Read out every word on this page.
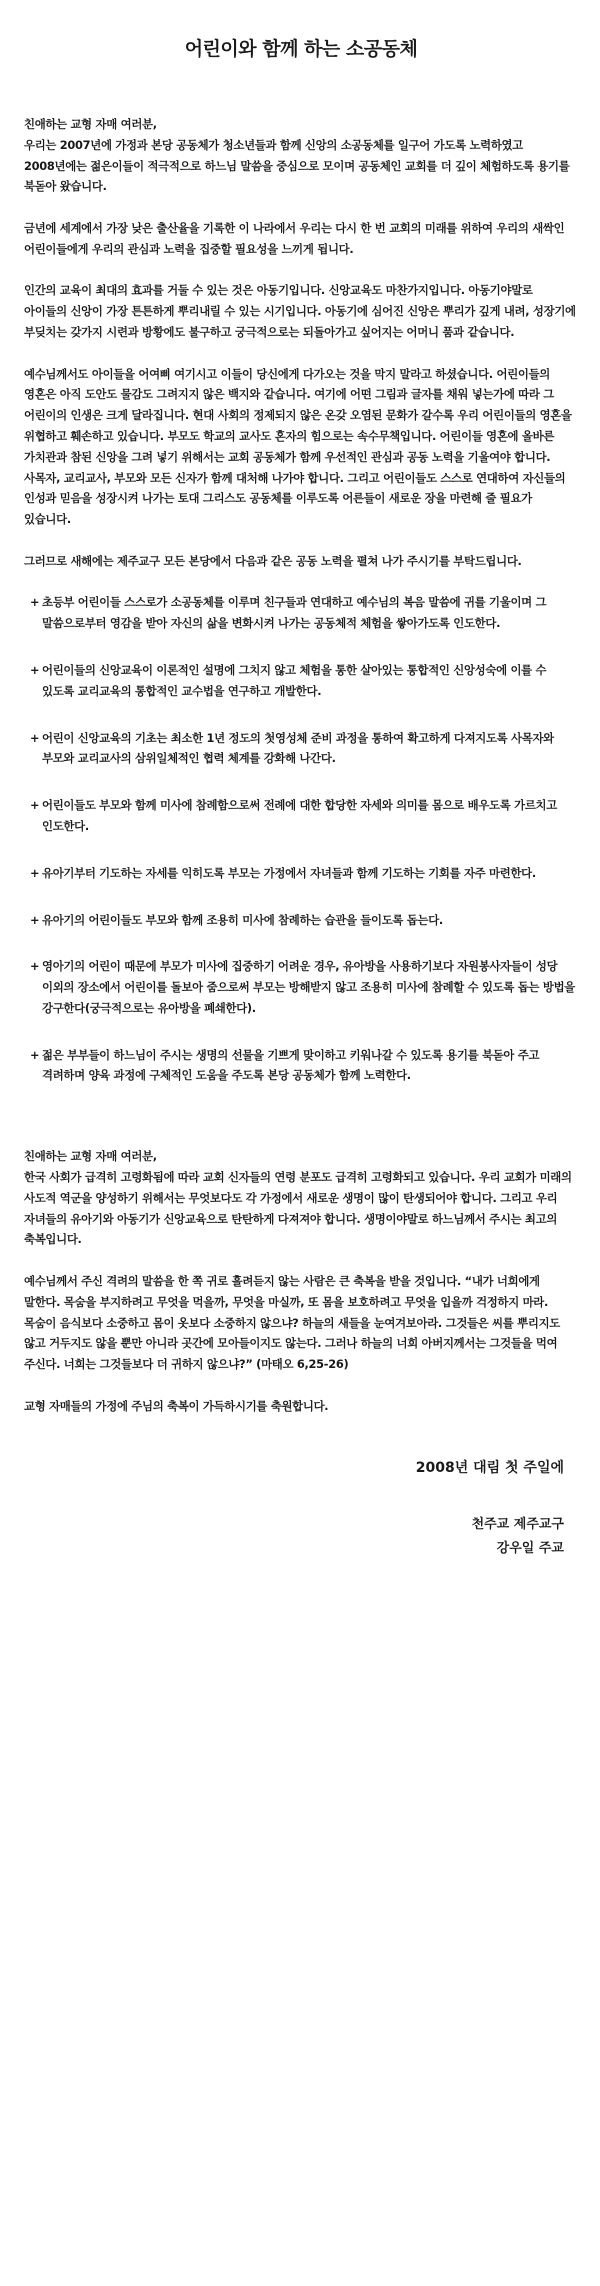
어린이와 함께 하는 소공동체

친애하는 교형 자매 여러분,

우리는 2007년에 가정과 본당 공동체가 청소년들과 함께 신앙의 소공동체를 일구어 가도록 노력하였고 2008년에는 젊은이들이 적극적으로 하느님 말씀을 중심으로 모이며 공동체인 교회를 더 깊이 체험하도록 용기를 북돋아 왔습니다.

금년에 세계에서 가장 낮은 출산율을 기록한 이 나라에서 우리는 다시 한 번 교회의 미래를 위하여 우리의 새싹인 어린이들에게 우리의 관심과 노력을 집중할 필요성을 느끼게 됩니다.

인간의 교육이 최대의 효과를 거둘 수 있는 것은 아동기입니다. 신앙교육도 마찬가지입니다. 아동기야말로 아이들의 신앙이 가장 튼튼하게 뿌리내릴 수 있는 시기입니다. 아동기에 심어진 신앙은 뿌리가 깊게 내려, 성장기에 부딪치는 갖가지 시련과 방황에도 불구하고 궁극적으로는 되돌아가고 싶어지는 어머니 품과 같습니다.

예수님께서도 아이들을 어여삐 여기시고 이들이 당신에게 다가오는 것을 막지 말라고 하셨습니다. 어린이들의 영혼은 아직 도안도 물감도 그려지지 않은 백지와 같습니다. 여기에 어떤 그림과 글자를 채워 넣는가에 따라 그 어린이의 인생은 크게 달라집니다. 현대 사회의 정제되지 않은 온갖 오염된 문화가 갈수록 우리 어린이들의 영혼을 위협하고 훼손하고 있습니다. 부모도 학교의 교사도 혼자의 힘으로는 속수무책입니다. 어린이들 영혼에 올바른 가치관과 참된 신앙을 그려 넣기 위해서는 교회 공동체가 함께 우선적인 관심과 공동 노력을 기울여야 합니다. 사목자, 교리교사, 부모와 모든 신자가 함께 대처해 나가야 합니다. 그리고 어린이들도 스스로 연대하여 자신들의 인성과 믿음을 성장시켜 나가는 토대 그리스도 공동체를 이루도록 어른들이 새로운 장을 마련해 줄 필요가 있습니다.

그러므로 새해에는 제주교구 모든 본당에서 다음과 같은 공동 노력을 펼쳐 나가 주시기를 부탁드립니다.

+ 초등부 어린이들 스스로가 소공동체를 이루며 친구들과 연대하고 예수님의 복음 말씀에 귀를 기울이며 그 말씀으로부터 영감을 받아 자신의 삶을 변화시켜 나가는 공동체적 체험을 쌓아가도록 인도한다.

+ 어린이들의 신앙교육이 이론적인 설명에 그치지 않고 체험을 통한 살아있는 통합적인 신앙성숙에 이를 수 있도록 교리교육의 통합적인 교수법을 연구하고 개발한다.

+ 어린이 신앙교육의 기초는 최소한 1년 정도의 첫영성체 준비 과정을 통하여 확고하게 다져지도록 사목자와 부모와 교리교사의 삼위일체적인 협력 체계를 강화해 나간다.

+ 어린이들도 부모와 함께 미사에 참례함으로써 전례에 대한 합당한 자세와 의미를 몸으로 배우도록 가르치고 인도한다.

+ 유아기부터 기도하는 자세를 익히도록 부모는 가정에서 자녀들과 함께 기도하는 기회를 자주 마련한다.

+ 유아기의 어린이들도 부모와 함께 조용히 미사에 참례하는 습관을 들이도록 돕는다.

+ 영아기의 어린이 때문에 부모가 미사에 집중하기 어려운 경우, 유아방을 사용하기보다 자원봉사자들이 성당 이외의 장소에서 어린이를 돌보아 줌으로써 부모는 방해받지 않고 조용히 미사에 참례할 수 있도록 돕는 방법을 강구한다(궁극적으로는 유아방을 폐쇄한다).

+ 젊은 부부들이 하느님이 주시는 생명의 선물을 기쁘게 맞이하고 키워나갈 수 있도록 용기를 북돋아 주고 격려하며 양육 과정에 구체적인 도움을 주도록 본당 공동체가 함께 노력한다.

친애하는 교형 자매 여러분,

한국 사회가 급격히 고령화됨에 따라 교회 신자들의 연령 분포도 급격히 고령화되고 있습니다. 우리 교회가 미래의 사도적 역군을 양성하기 위해서는 무엇보다도 각 가정에서 새로운 생명이 많이 탄생되어야 합니다. 그리고 우리 자녀들의 유아기와 아동기가 신앙교육으로 탄탄하게 다져져야 합니다. 생명이야말로 하느님께서 주시는 최고의 축복입니다.

예수님께서 주신 격려의 말씀을 한 쪽 귀로 흘려듣지 않는 사람은 큰 축복을 받을 것입니다. “내가 너희에게 말한다. 목숨을 부지하려고 무엇을 먹을까, 무엇을 마실까, 또 몸을 보호하려고 무엇을 입을까 걱정하지 마라. 목숨이 음식보다 소중하고 몸이 옷보다 소중하지 않으냐? 하늘의 새들을 눈여겨보아라. 그것들은 씨를 뿌리지도 않고 거두지도 않을 뿐만 아니라 곳간에 모아들이지도 않는다. 그러나 하늘의 너희 아버지께서는 그것들을 먹여 주신다. 너희는 그것들보다 더 귀하지 않으냐?” (마태오 6,25-26)

교형 자매들의 가정에 주님의 축복이 가득하시기를 축원합니다.

2008년 대림 첫 주일에
천주교 제주교구
강우일 주교
